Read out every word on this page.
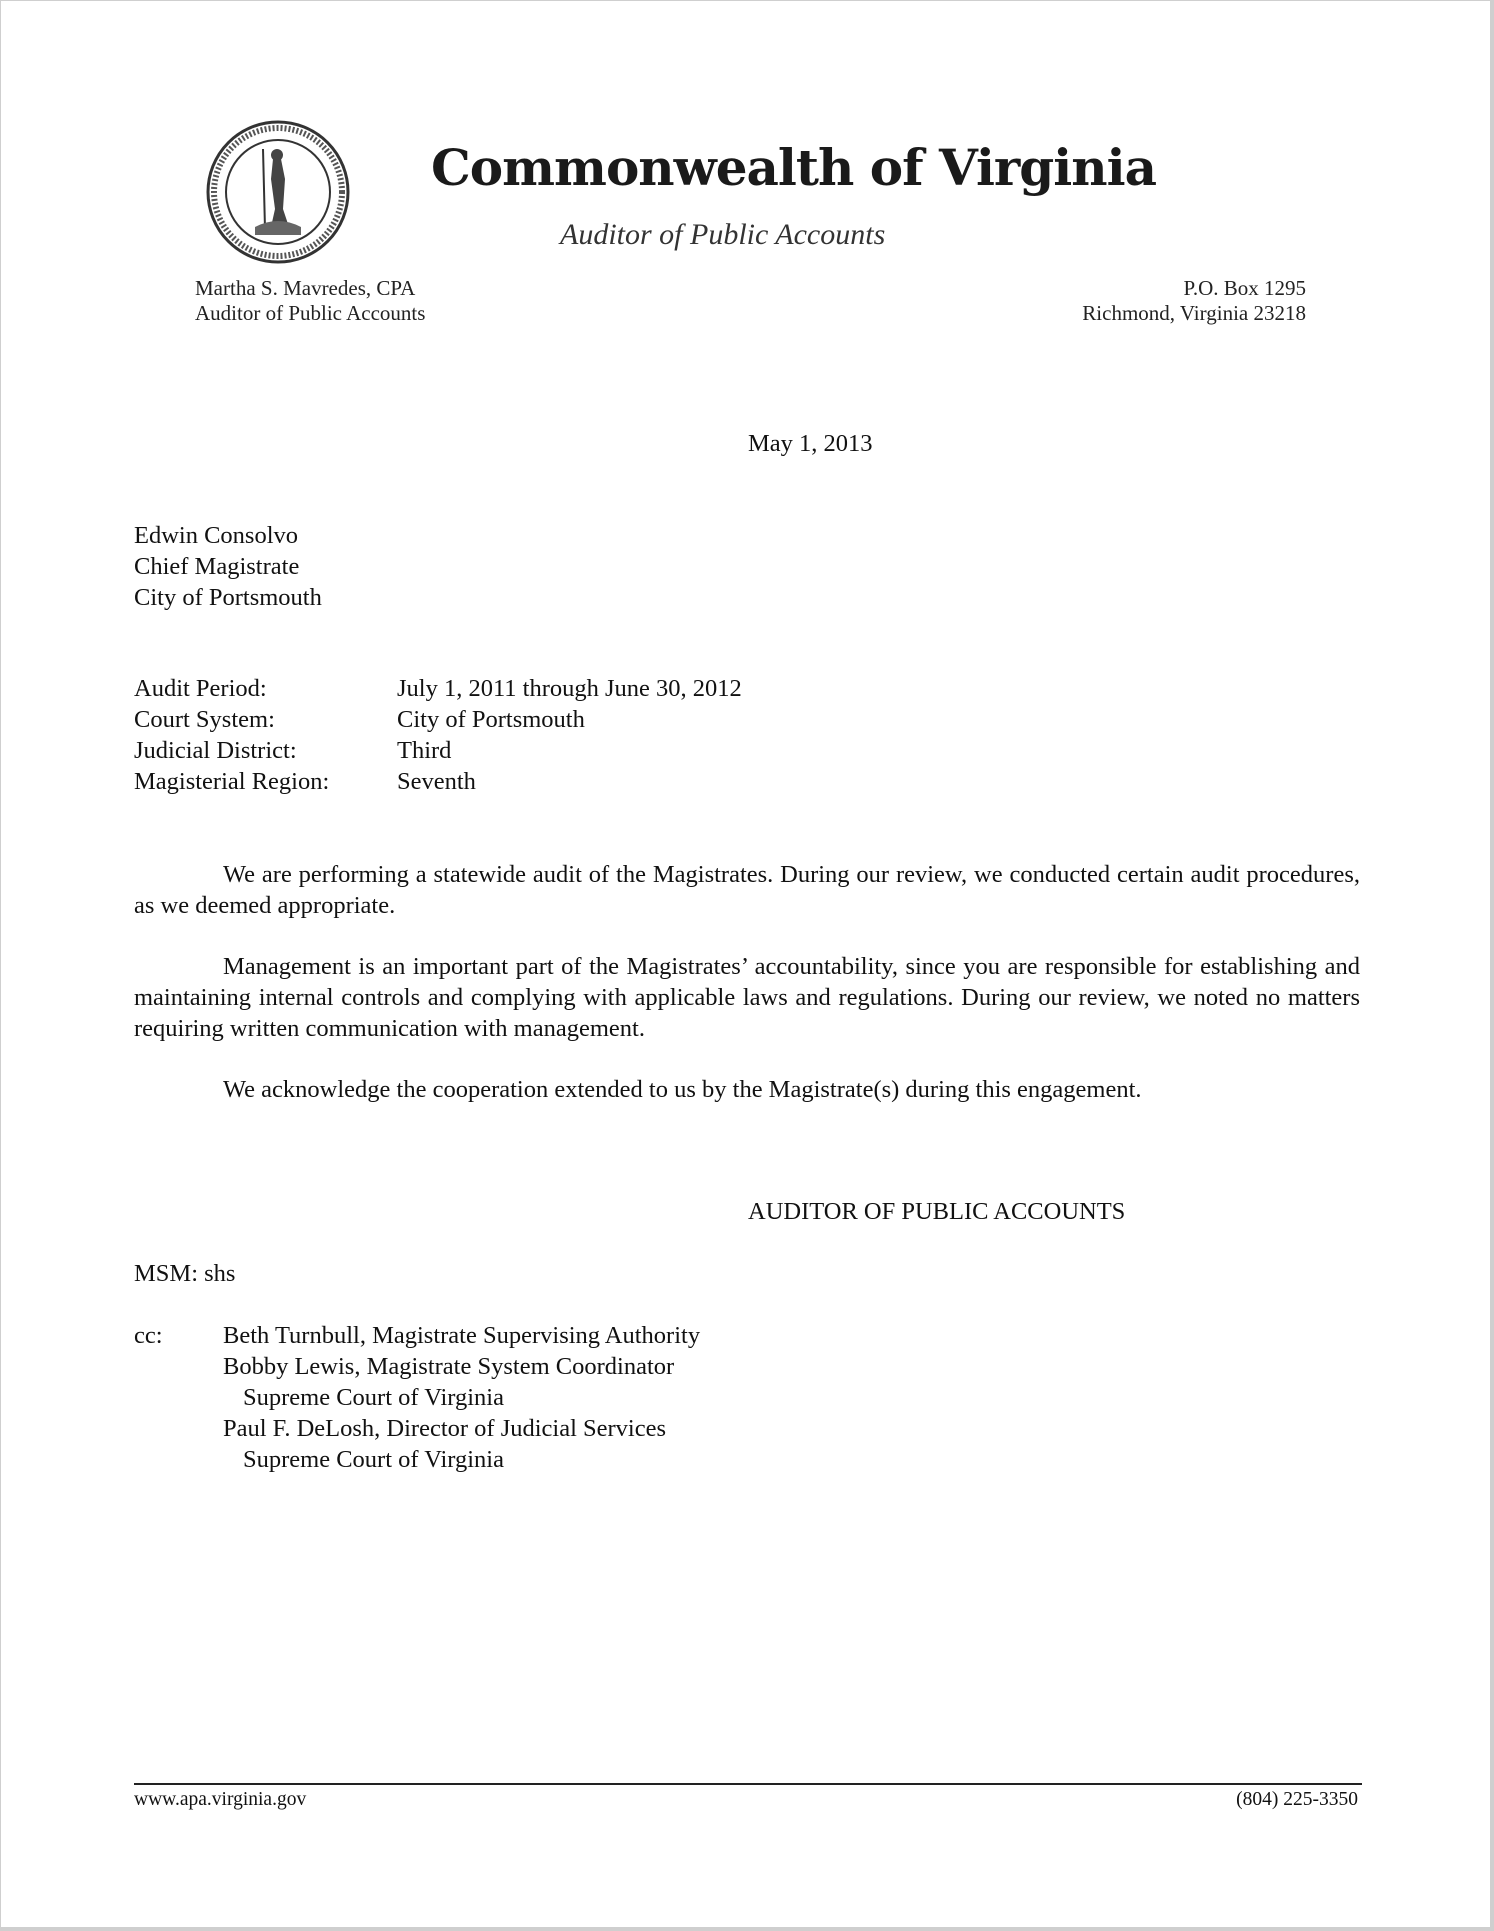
Commonwealth of Virginia
Auditor of Public Accounts
Martha S. Mavredes, CPA
Auditor of Public Accounts
P.O. Box 1295
Richmond, Virginia 23218
May 1, 2013
Edwin Consolvo
Chief Magistrate
City of Portsmouth
Audit Period:	July 1, 2011 through June 30, 2012
Court System:	City of Portsmouth
Judicial District:	Third
Magisterial Region:	Seventh
We are performing a statewide audit of the Magistrates. During our review, we conducted certain audit procedures, as we deemed appropriate.
Management is an important part of the Magistrates’ accountability, since you are responsible for establishing and maintaining internal controls and complying with applicable laws and regulations. During our review, we noted no matters requiring written communication with management.
We acknowledge the cooperation extended to us by the Magistrate(s) during this engagement.
AUDITOR OF PUBLIC ACCOUNTS
MSM: shs
cc: Beth Turnbull, Magistrate Supervising Authority
Bobby Lewis, Magistrate System Coordinator
Supreme Court of Virginia
Paul F. DeLosh, Director of Judicial Services
Supreme Court of Virginia
www.apa.virginia.gov	(804) 225-3350
